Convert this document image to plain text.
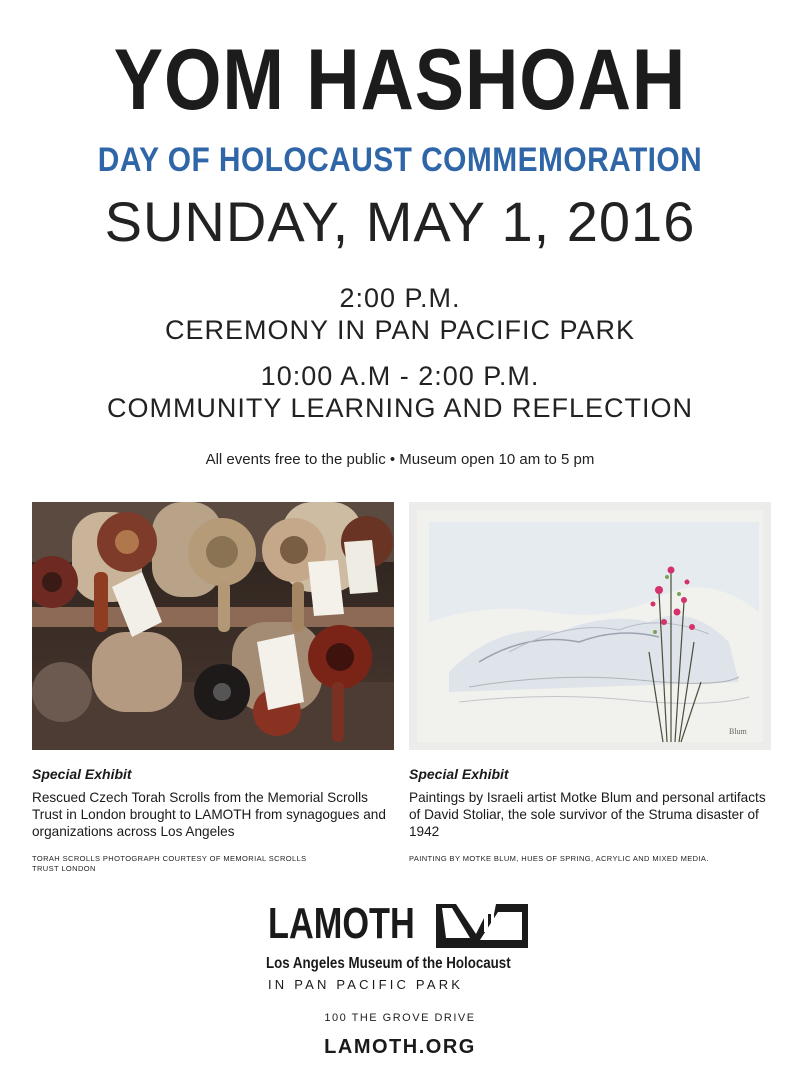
YOM HASHOAH
DAY OF HOLOCAUST COMMEMORATION
SUNDAY, MAY 1, 2016
2:00 P.M.
CEREMONY IN PAN PACIFIC PARK
10:00 A.M - 2:00 P.M.
COMMUNITY LEARNING AND REFLECTION
All events free to the public • Museum open 10 am to 5 pm
Blum
Special Exhibit
Rescued Czech Torah Scrolls from the Memorial Scrolls Trust in London brought to LAMOTH from synagogues and organizations across Los Angeles
TORAH SCROLLS PHOTOGRAPH COURTESY OF MEMORIAL SCROLLS TRUST LONDON
Special Exhibit
Paintings by Israeli artist Motke Blum and personal artifacts of David Stoliar, the sole survivor of the Struma disaster of 1942
PAINTING BY MOTKE BLUM, HUES OF SPRING, ACRYLIC AND MIXED MEDIA.
LAMOTH
Los Angeles Museum of the Holocaust
IN PAN PACIFIC PARK
100 THE GROVE DRIVE
LAMOTH.ORG
